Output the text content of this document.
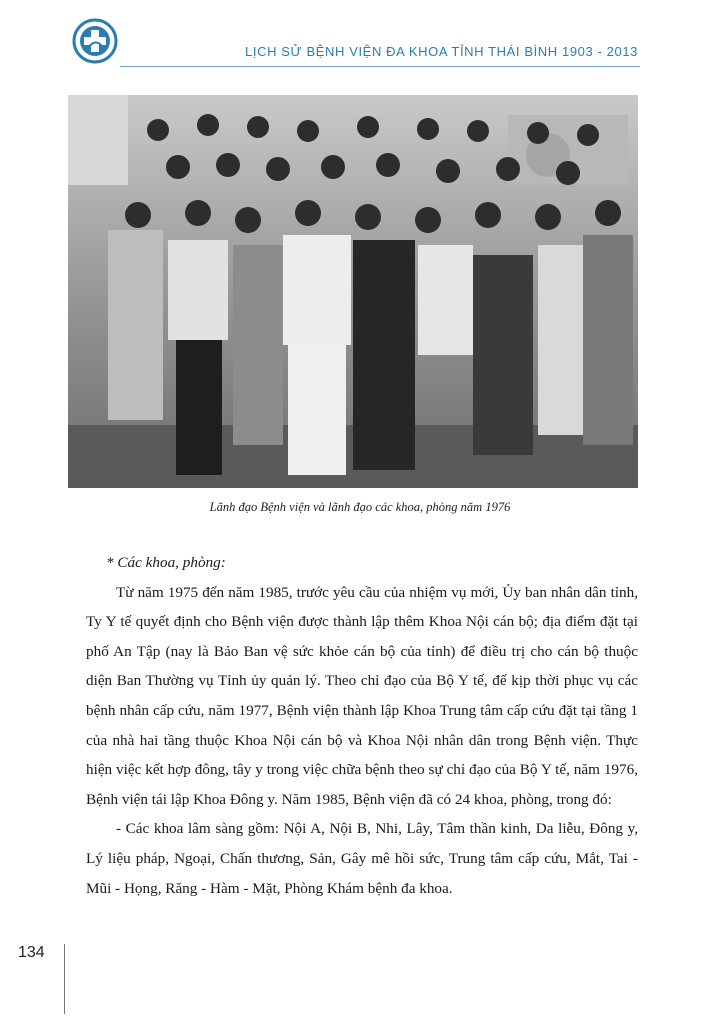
LỊCH SỬ BỆNH VIỆN ĐA KHOA TỈNH THÁI BÌNH 1903 - 2013
Lãnh đạo Bệnh viện và lãnh đạo các khoa, phòng năm 1976

* Các khoa, phòng:

Từ năm 1975 đến năm 1985, trước yêu cầu của nhiệm vụ mới, Ủy ban nhân dân tỉnh, Ty Y tế quyết định cho Bệnh viện được thành lập thêm Khoa Nội cán bộ; địa điểm đặt tại phố An Tập (nay là Bảo Ban vệ sức khỏe cán bộ của tỉnh) để điều trị cho cán bộ thuộc diện Ban Thường vụ Tỉnh ủy quản lý. Theo chỉ đạo của Bộ Y tế, để kịp thời phục vụ các bệnh nhân cấp cứu, năm 1977, Bệnh viện thành lập Khoa Trung tâm cấp cứu đặt tại tầng 1 của nhà hai tầng thuộc Khoa Nội cán bộ và Khoa Nội nhân dân trong Bệnh viện. Thực hiện việc kết hợp đông, tây y trong việc chữa bệnh theo sự chỉ đạo của Bộ Y tế, năm 1976, Bệnh viện tái lập Khoa Đông y. Năm 1985, Bệnh viện đã có 24 khoa, phòng, trong đó:

- Các khoa lâm sàng gồm: Nội A, Nội B, Nhi, Lây, Tâm thần kinh, Da liễu, Đông y, Lý liệu pháp, Ngoại, Chấn thương, Sản, Gây mê hồi sức, Trung tâm cấp cứu, Mắt, Tai - Mũi - Họng, Răng - Hàm - Mặt, Phòng Khám bệnh đa khoa.

134
